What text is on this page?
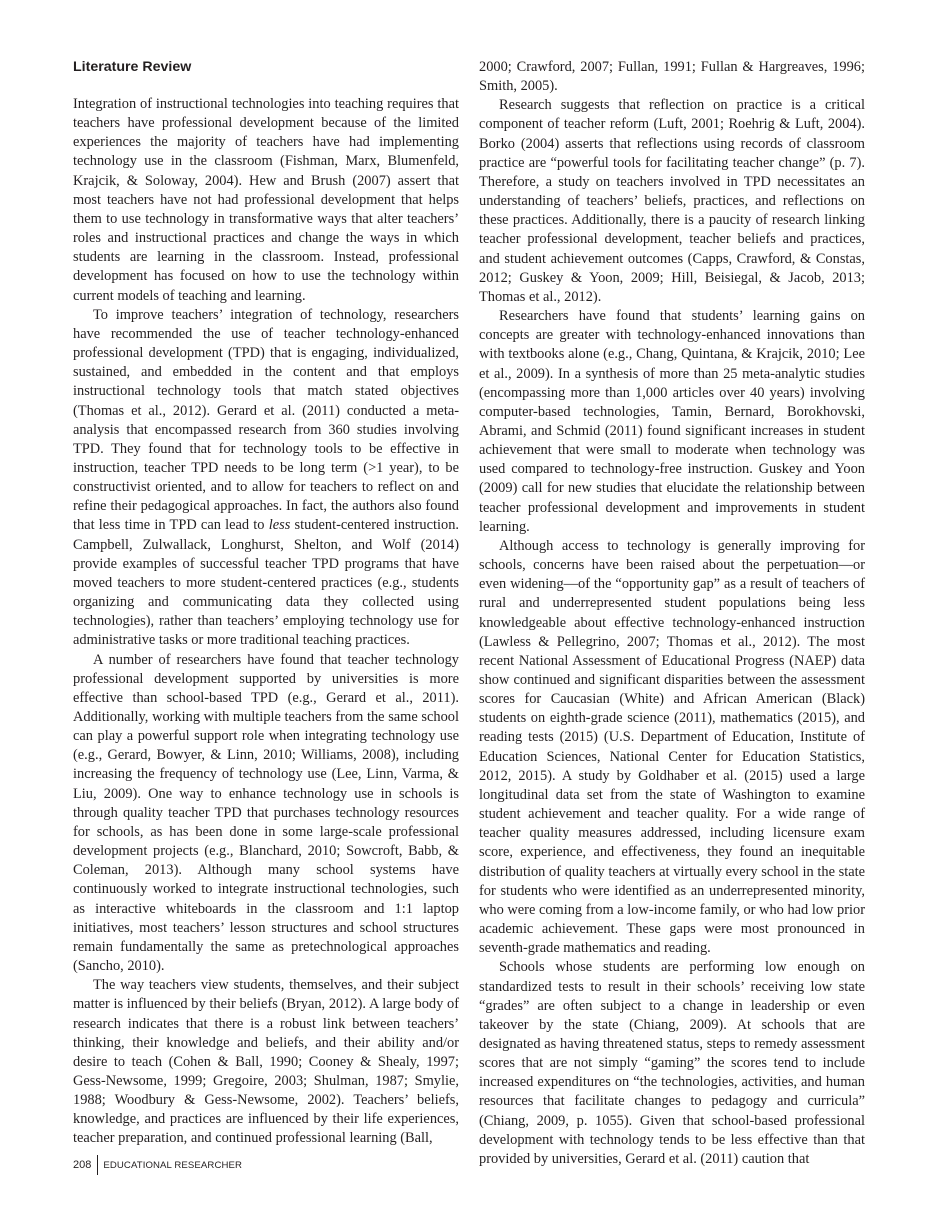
Literature Review

Integration of instructional technologies into teaching requires that teachers have professional development because of the limited experiences the majority of teachers have had implementing technology use in the classroom (Fishman, Marx, Blumenfeld, Krajcik, & Soloway, 2004). Hew and Brush (2007) assert that most teachers have not had professional development that helps them to use technology in transformative ways that alter teachers’ roles and instructional practices and change the ways in which students are learning in the classroom. Instead, professional development has focused on how to use the technology within current models of teaching and learning.

To improve teachers’ integration of technology, researchers have recommended the use of teacher technology-enhanced professional development (TPD) that is engaging, individualized, sustained, and embedded in the content and that employs instructional technology tools that match stated objectives (Thomas et al., 2012). Gerard et al. (2011) conducted a meta-analysis that encompassed research from 360 studies involving TPD. They found that for technology tools to be effective in instruction, teacher TPD needs to be long term (>1 year), to be constructivist oriented, and to allow for teachers to reflect on and refine their pedagogical approaches. In fact, the authors also found that less time in TPD can lead to less student-centered instruction. Campbell, Zulwallack, Longhurst, Shelton, and Wolf (2014) provide examples of successful teacher TPD programs that have moved teachers to more student-centered practices (e.g., students organizing and communicating data they collected using technologies), rather than teachers’ employing technology use for administrative tasks or more traditional teaching practices.

A number of researchers have found that teacher technology professional development supported by universities is more effective than school-based TPD (e.g., Gerard et al., 2011). Additionally, working with multiple teachers from the same school can play a powerful support role when integrating technology use (e.g., Gerard, Bowyer, & Linn, 2010; Williams, 2008), including increasing the frequency of technology use (Lee, Linn, Varma, & Liu, 2009). One way to enhance technology use in schools is through quality teacher TPD that purchases technology resources for schools, as has been done in some large-scale professional development projects (e.g., Blanchard, 2010; Sowcroft, Babb, & Coleman, 2013). Although many school systems have continuously worked to integrate instructional technologies, such as interactive whiteboards in the classroom and 1:1 laptop initiatives, most teachers’ lesson structures and school structures remain fundamentally the same as pretechnological approaches (Sancho, 2010).

The way teachers view students, themselves, and their subject matter is influenced by their beliefs (Bryan, 2012). A large body of research indicates that there is a robust link between teachers’ thinking, their knowledge and beliefs, and their ability and/or desire to teach (Cohen & Ball, 1990; Cooney & Shealy, 1997; Gess-Newsome, 1999; Gregoire, 2003; Shulman, 1987; Smylie, 1988; Woodbury & Gess-Newsome, 2002). Teachers’ beliefs, knowledge, and practices are influenced by their life experiences, teacher preparation, and continued professional learning (Ball,

2000; Crawford, 2007; Fullan, 1991; Fullan & Hargreaves, 1996; Smith, 2005).

Research suggests that reflection on practice is a critical component of teacher reform (Luft, 2001; Roehrig & Luft, 2004). Borko (2004) asserts that reflections using records of classroom practice are “powerful tools for facilitating teacher change” (p. 7). Therefore, a study on teachers involved in TPD necessitates an understanding of teachers’ beliefs, practices, and reflections on these practices. Additionally, there is a paucity of research linking teacher professional development, teacher beliefs and practices, and student achievement outcomes (Capps, Crawford, & Constas, 2012; Guskey & Yoon, 2009; Hill, Beisiegal, & Jacob, 2013; Thomas et al., 2012).

Researchers have found that students’ learning gains on concepts are greater with technology-enhanced innovations than with textbooks alone (e.g., Chang, Quintana, & Krajcik, 2010; Lee et al., 2009). In a synthesis of more than 25 meta-analytic studies (encompassing more than 1,000 articles over 40 years) involving computer-based technologies, Tamin, Bernard, Borokhovski, Abrami, and Schmid (2011) found significant increases in student achievement that were small to moderate when technology was used compared to technology-free instruction. Guskey and Yoon (2009) call for new studies that elucidate the relationship between teacher professional development and improvements in student learning.

Although access to technology is generally improving for schools, concerns have been raised about the perpetuation—or even widening—of the “opportunity gap” as a result of teachers of rural and underrepresented student populations being less knowledgeable about effective technology-enhanced instruction (Lawless & Pellegrino, 2007; Thomas et al., 2012). The most recent National Assessment of Educational Progress (NAEP) data show continued and significant disparities between the assessment scores for Caucasian (White) and African American (Black) students on eighth-grade science (2011), mathematics (2015), and reading tests (2015) (U.S. Department of Education, Institute of Education Sciences, National Center for Education Statistics, 2012, 2015). A study by Goldhaber et al. (2015) used a large longitudinal data set from the state of Washington to examine student achievement and teacher quality. For a wide range of teacher quality measures addressed, including licensure exam score, experience, and effectiveness, they found an inequitable distribution of quality teachers at virtually every school in the state for students who were identified as an underrepresented minority, who were coming from a low-income family, or who had low prior academic achievement. These gaps were most pronounced in seventh-grade mathematics and reading.

Schools whose students are performing low enough on standardized tests to result in their schools’ receiving low state “grades” are often subject to a change in leadership or even takeover by the state (Chiang, 2009). At schools that are designated as having threatened status, steps to remedy assessment scores that are not simply “gaming” the scores tend to include increased expenditures on “the technologies, activities, and human resources that facilitate changes to pedagogy and curricula” (Chiang, 2009, p. 1055). Given that school-based professional development with technology tends to be less effective than that provided by universities, Gerard et al. (2011) caution that

208 EDUCATIONAL RESEARCHER
